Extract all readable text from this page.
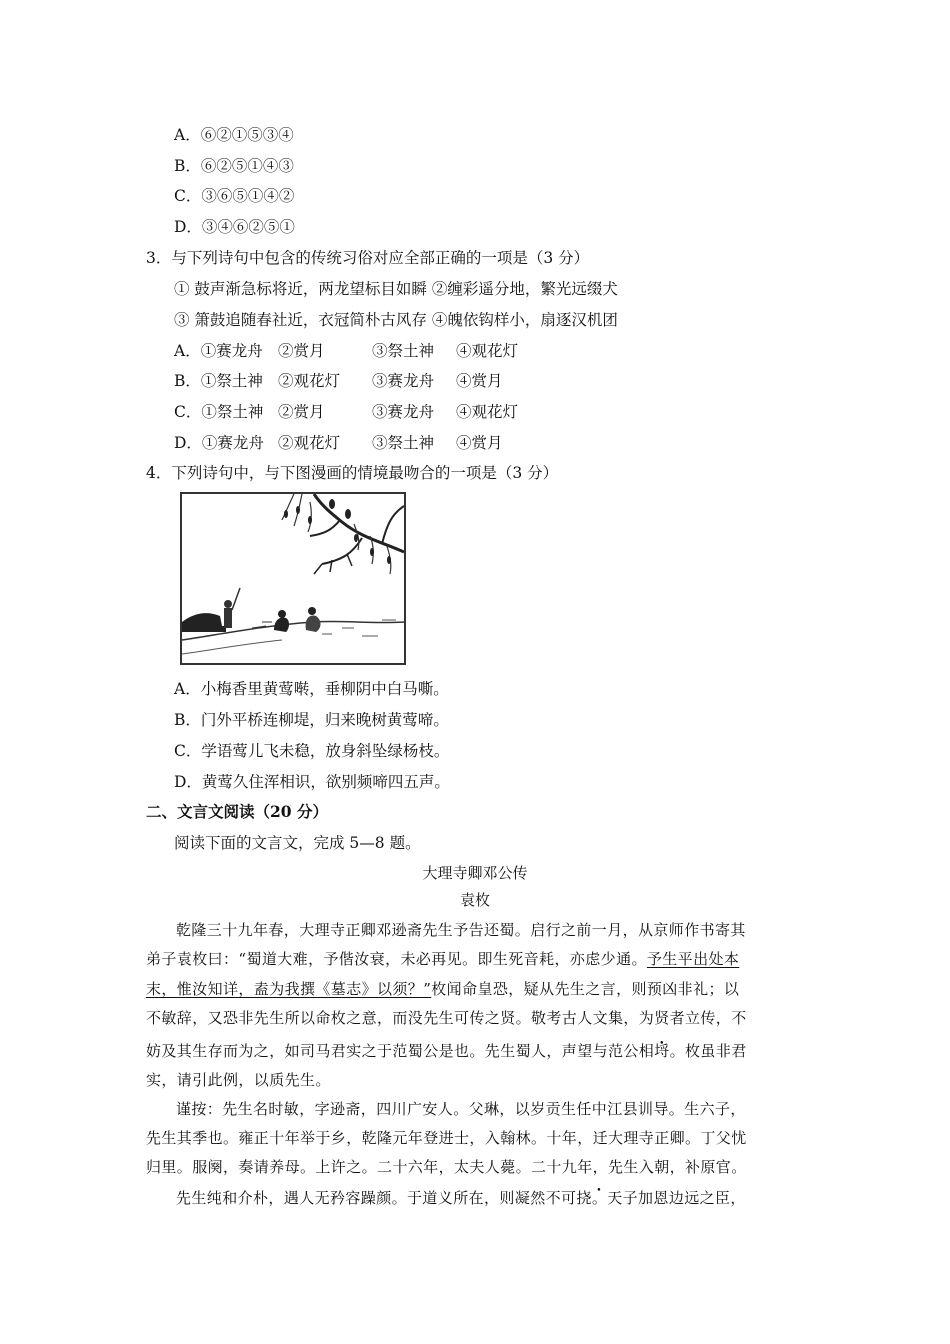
A．⑥②①⑤③④
B．⑥②⑤①④③
C．③⑥⑤①④②
D．③④⑥②⑤①
3．与下列诗句中包含的传统习俗对应全部正确的一项是（3 分）
① 鼓声渐急标将近，两龙望标目如瞬 ②缠彩遥分地，繁光远缀犬
③ 箫鼓追随春社近，衣冠简朴古风存 ④魄依钩样小，扇逐汉机团
A．①赛龙舟 ②赏月	③祭土神 ④观花灯
B．①祭土神 ②观花灯 ③赛龙舟 ④赏月
C．①祭土神 ②赏月	③赛龙舟 ④观花灯
D．①赛龙舟 ②观花灯 ③祭土神 ④赏月
4．下列诗句中，与下图漫画的情境最吻合的一项是（3 分）
A．小梅香里黄莺啭，垂柳阴中白马嘶。
B．门外平桥连柳堤，归来晚树黄莺啼。
C．学语莺儿飞未稳，放身斜坠绿杨枝。
D．黄莺久住浑相识，欲别频啼四五声。
二、文言文阅读（20 分）
阅读下面的文言文，完成 5—8 题。
大理寺卿邓公传
袁枚
乾隆三十九年春，大理寺正卿邓逊斋先生予告还蜀。启行之前一月，从京师作书寄其
弟子袁枚曰：“蜀道大难，予偕汝衰，未必再见。即生死音耗，亦虑少通。予生平出处本
末，惟汝知详，盍为我撰《墓志》以须？”枚闻命皇恐，疑从先生之言，则预凶非礼；以
不敏辞，又恐非先生所以命枚之意，而没先生可传之贤。敬考古人文集，为贤者立传，不
妨及其生存而为之，如司马君实之于范蜀公是也。先生蜀人，声望与范公相埒。枚虽非君
实，请引此例，以质先生。
谨按：先生名时敏，字逊斋，四川广安人。父琳，以岁贡生任中江县训导。生六子，
先生其季也。雍正十年举于乡，乾隆元年登进士，入翰林。十年，迁大理寺正卿。丁父忧
归里。服阕，奏请养母。上许之。二十六年，太夫人薨。二十九年，先生入朝，补原官。
先生纯和介朴，遇人无矜容躁颜。于道义所在，则凝然不可挠。天子加恩边远之臣，
